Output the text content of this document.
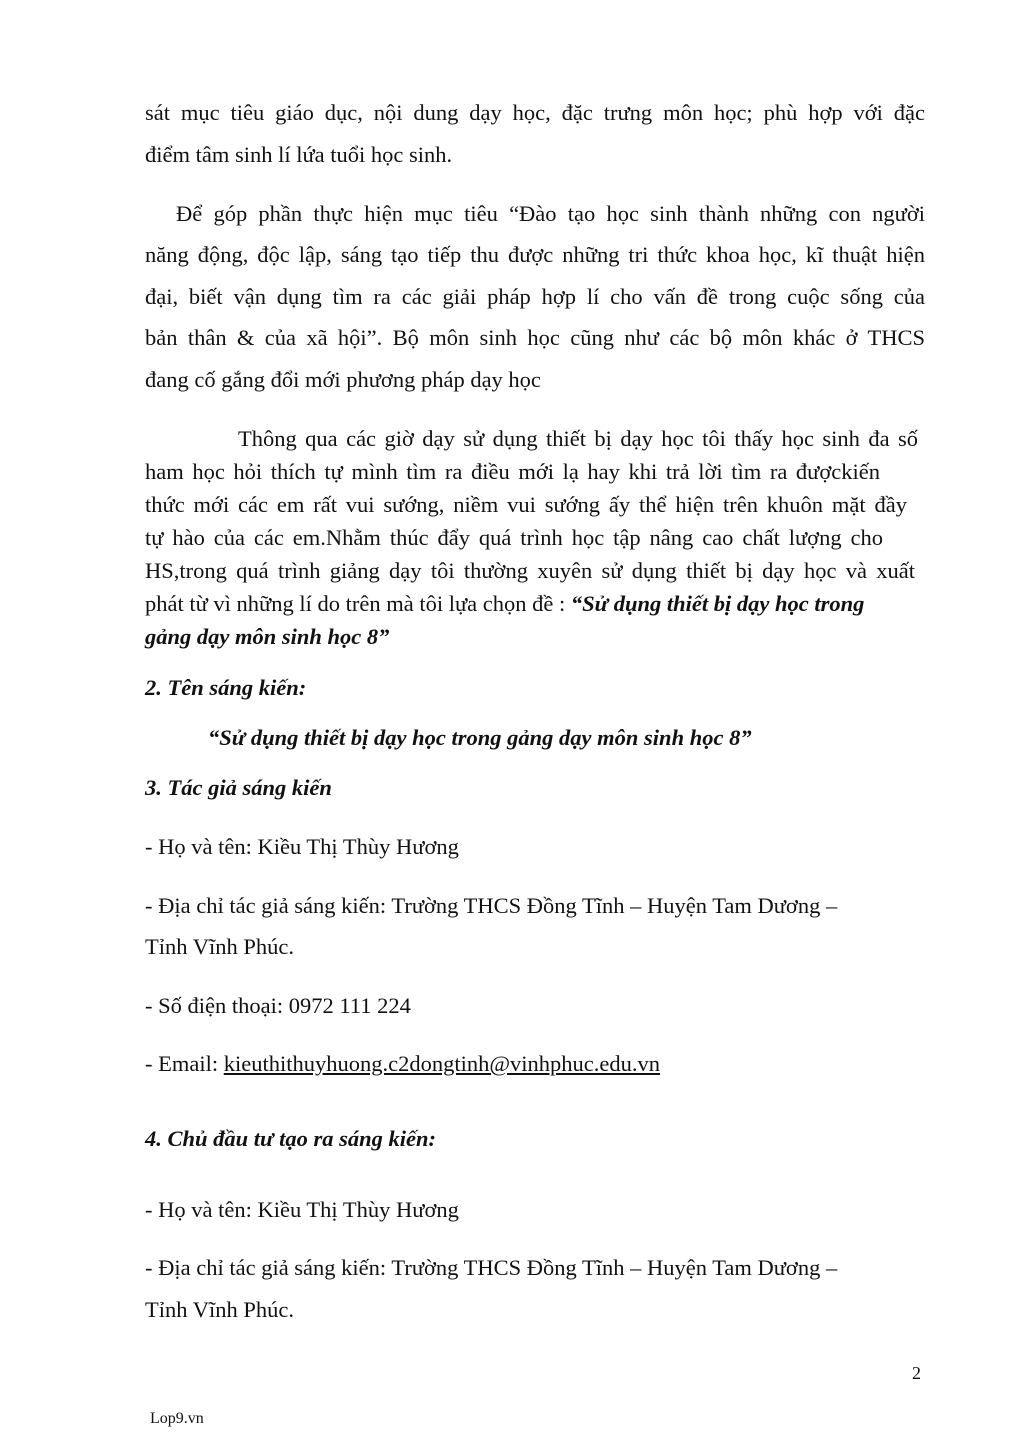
sát mục tiêu giáo dục, nội dung dạy học, đặc trưng môn học; phù hợp với đặc
điểm tâm sinh lí lứa tuổi học sinh.
Để góp phần thực hiện mục tiêu “Đào tạo học sinh thành những con người
năng động, độc lập, sáng tạo tiếp thu được những tri thức khoa học, kĩ thuật hiện
đại, biết vận dụng tìm ra các giải pháp hợp lí cho vấn đề trong cuộc sống của
bản thân & của xã hội”. Bộ môn sinh học cũng như các bộ môn khác ở THCS
đang cố gắng đổi mới phương pháp dạy học
Thông qua các giờ dạy sử dụng thiết bị dạy học tôi thấy học sinh đa số
ham học hỏi thích tự mình tìm ra điều mới lạ hay khi trả lời tìm ra đượckiến
thức mới các em rất vui sướng, niềm vui sướng ấy thể hiện trên khuôn mặt đầy
tự hào của các em.Nhằm thúc đẩy quá trình học tập nâng cao chất lượng cho
HS,trong quá trình giảng dạy tôi thường xuyên sử dụng thiết bị dạy học và xuất
phát từ vì những lí do trên mà tôi lựa chọn đề : “Sử dụng thiết bị dạy học trong
gảng dạy môn sinh học 8”
2. Tên sáng kiến:
“Sử dụng thiết bị dạy học trong gảng dạy môn sinh học 8”
3. Tác giả sáng kiến
- Họ và tên: Kiều Thị Thùy Hương
- Địa chỉ tác giả sáng kiến: Trường THCS Đồng Tĩnh – Huyện Tam Dương –
Tỉnh Vĩnh Phúc.
- Số điện thoại: 0972 111 224
- Email: kieuthithuyhuong.c2dongtinh@vinhphuc.edu.vn
4. Chủ đầu tư tạo ra sáng kiến:
- Họ và tên: Kiều Thị Thùy Hương
- Địa chỉ tác giả sáng kiến: Trường THCS Đồng Tĩnh – Huyện Tam Dương –
Tỉnh Vĩnh Phúc.
2
Lop9.vn
